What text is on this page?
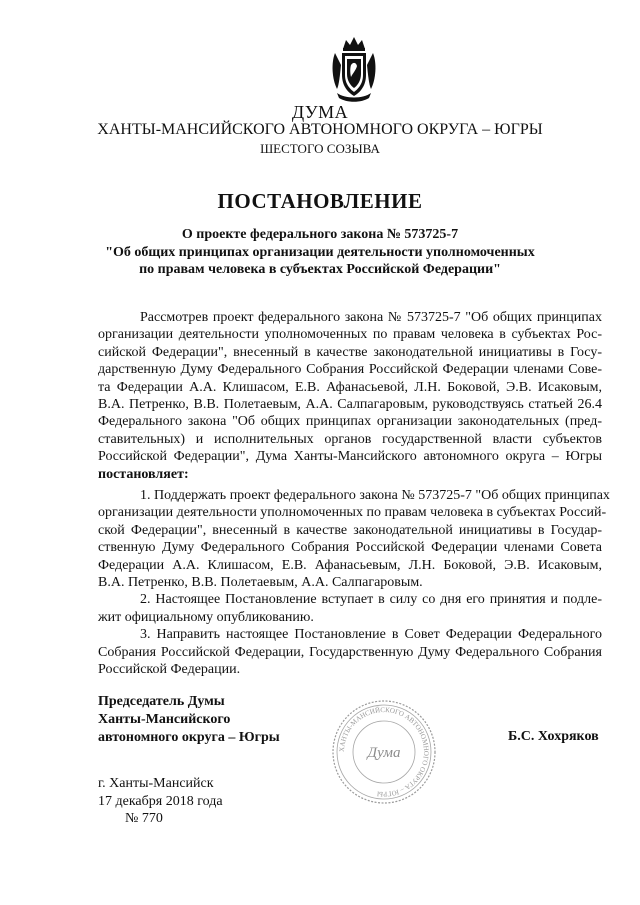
ДУМА
ХАНТЫ-МАНСИЙСКОГО АВТОНОМНОГО ОКРУГА – ЮГРЫ
ШЕСТОГО СОЗЫВА
ПОСТАНОВЛЕНИЕ
О проекте федерального закона № 573725-7
"Об общих принципах организации деятельности уполномоченных
по правам человека в субъектах Российской Федерации"
Рассмотрев проект федерального закона № 573725-7 "Об общих принципах
организации деятельности уполномоченных по правам человека в субъектах Рос-
сийской Федерации", внесенный в качестве законодательной инициативы в Госу-
дарственную Думу Федерального Собрания Российской Федерации членами Сове-
та Федерации А.А. Клишасом, Е.В. Афанасьевой, Л.Н. Боковой, Э.В. Исаковым,
В.А. Петренко, В.В. Полетаевым, А.А. Салпагаровым, руководствуясь статьей 26.4
Федерального закона "Об общих принципах организации законодательных (пред-
ставительных) и исполнительных органов государственной власти субъектов
Российской Федерации", Дума Ханты-Мансийского автономного округа – Югры
постановляет:
1. Поддержать проект федерального закона № 573725-7 "Об общих принципах
организации деятельности уполномоченных по правам человека в субъектах Россий-
ской Федерации", внесенный в качестве законодательной инициативы в Государ-
ственную Думу Федерального Собрания Российской Федерации членами Совета
Федерации А.А. Клишасом, Е.В. Афанасьевым, Л.Н. Боковой, Э.В. Исаковым,
В.А. Петренко, В.В. Полетаевым, А.А. Салпагаровым.
2. Настоящее Постановление вступает в силу со дня его принятия и подле-
жит официальному опубликованию.
3. Направить настоящее Постановление в Совет Федерации Федерального
Собрания Российской Федерации, Государственную Думу Федерального Собрания
Российской Федерации.
Председатель Думы
Ханты-Мансийского
автономного округа – Югры
ХАНТЫ-МАНСИЙСКОГО АВТОНОМНОГО ОКРУГА – ЮГРЫ
Дума
Б.С. Хохряков
г. Ханты-Мансийск
17 декабря 2018 года
№ 770
